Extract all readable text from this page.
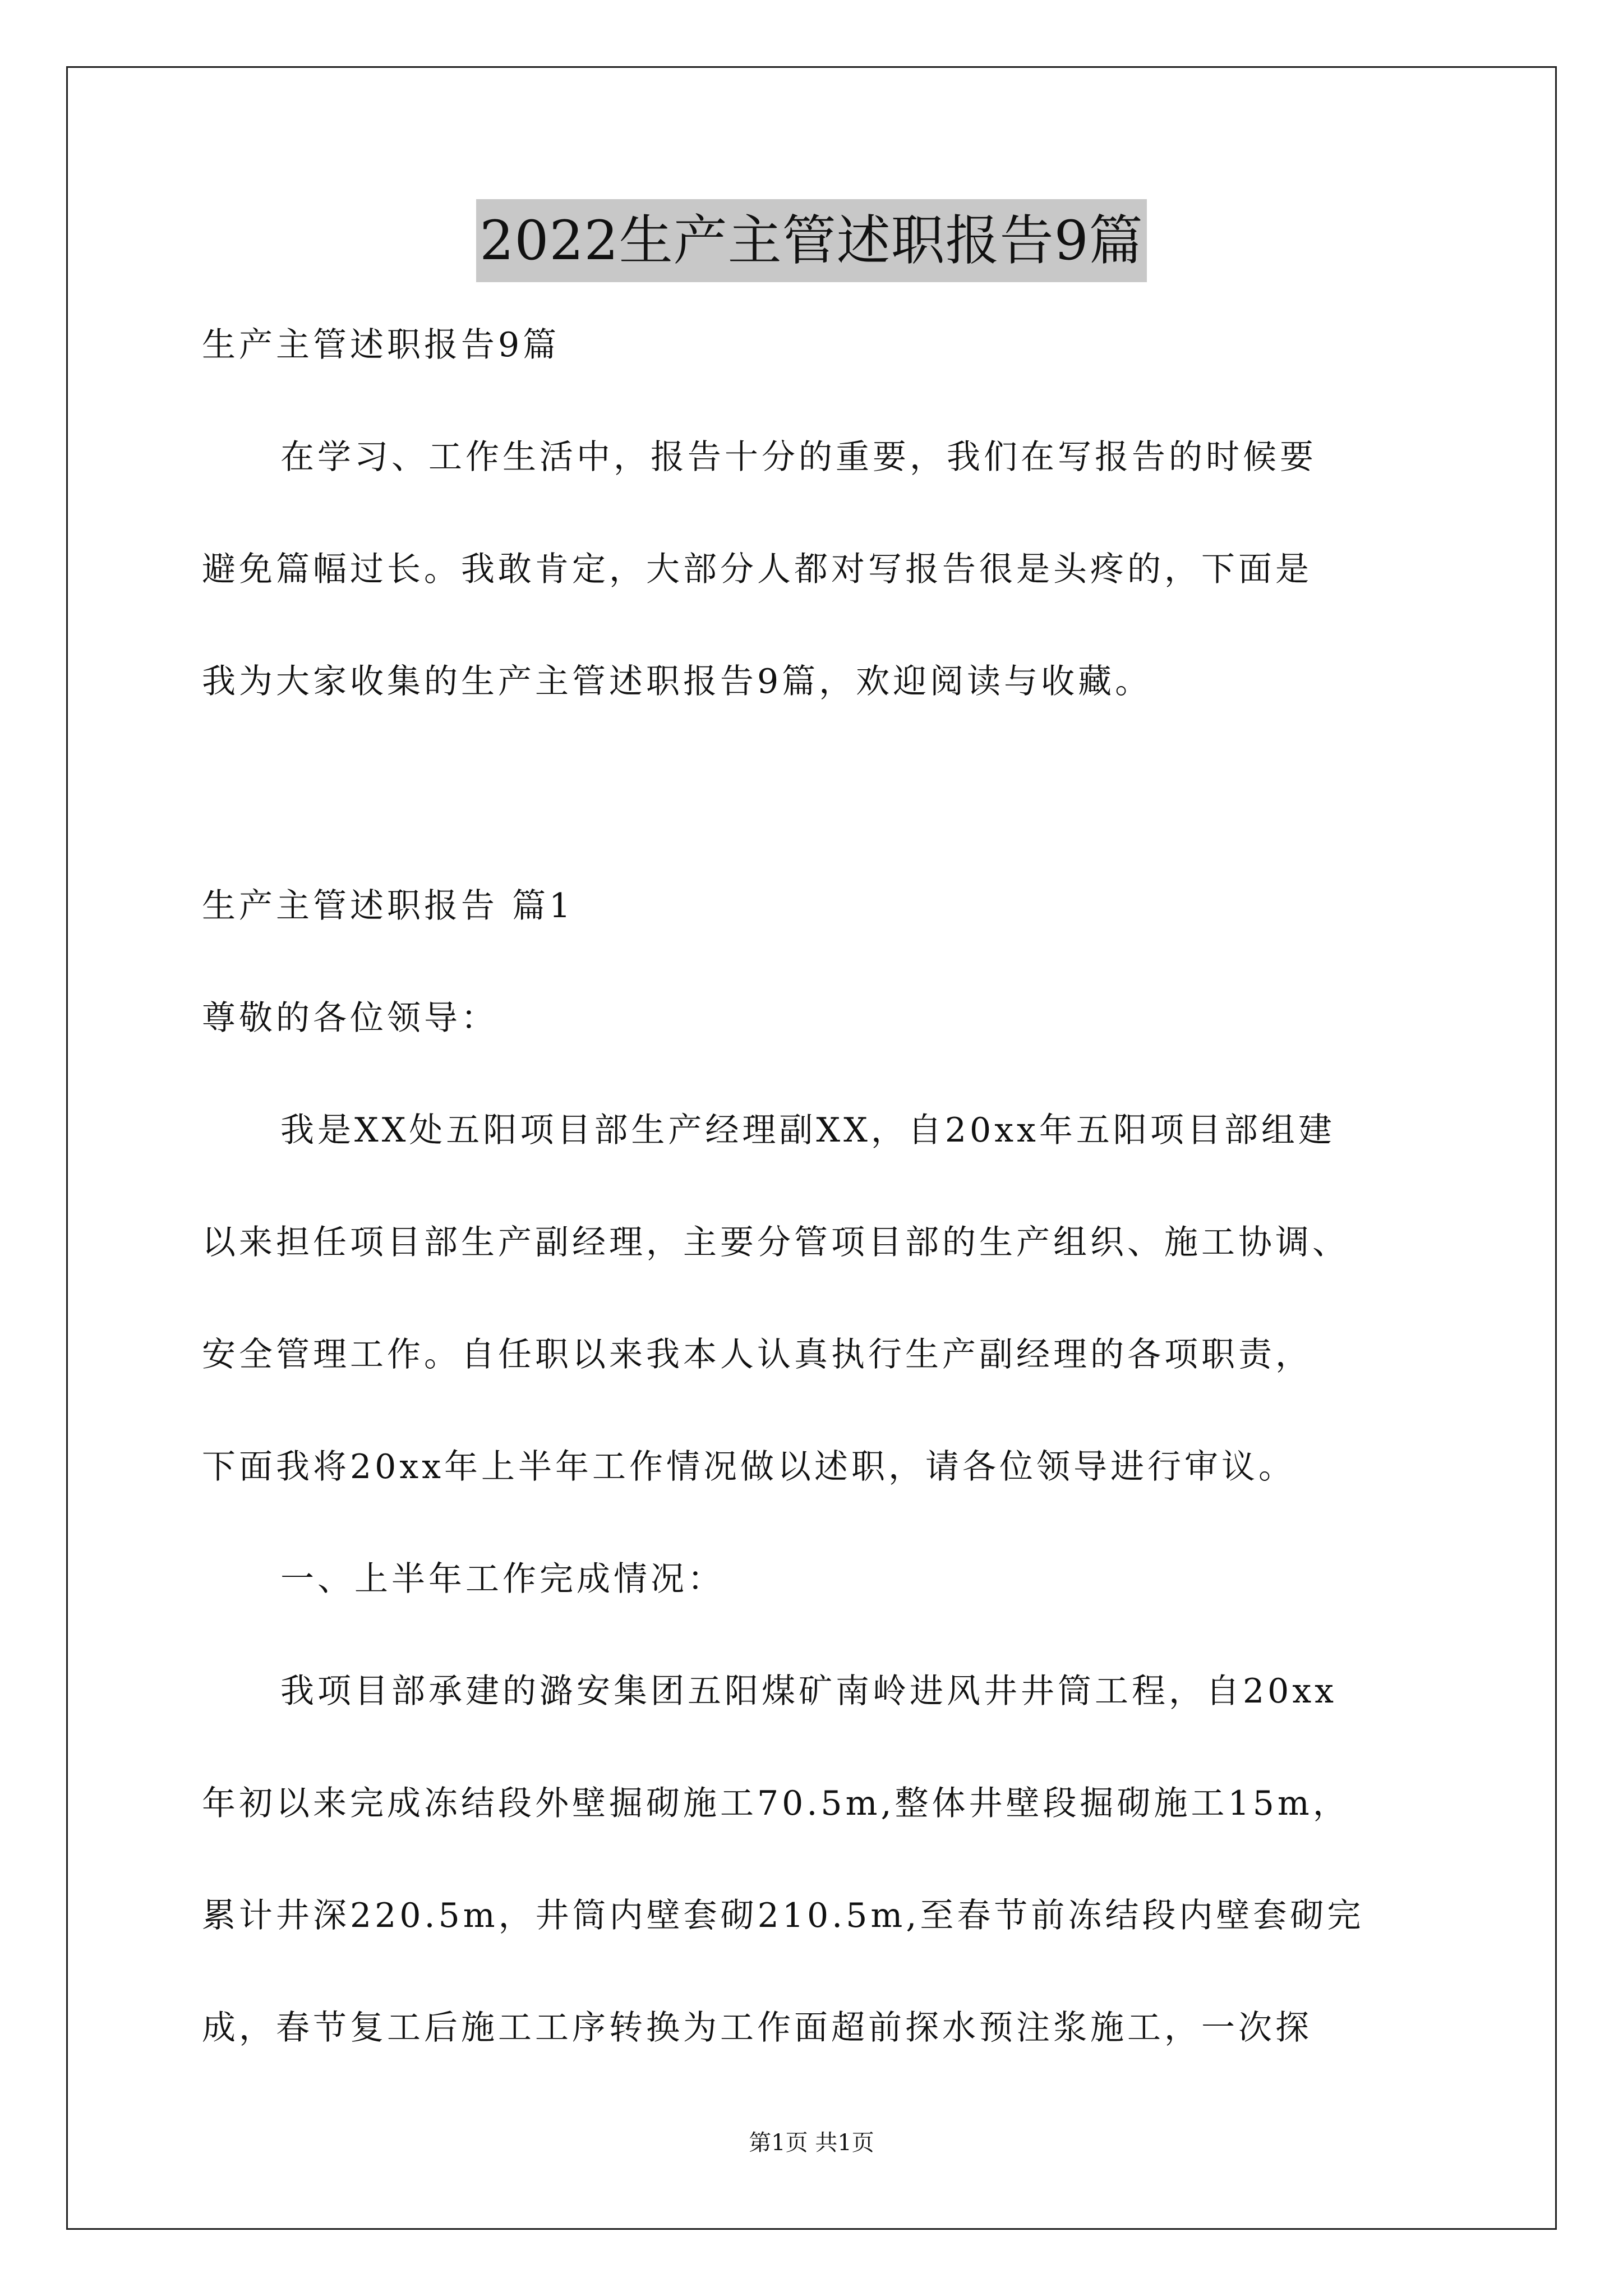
2022生产主管述职报告9篇
生产主管述职报告9篇
在学习、工作生活中，报告十分的重要，我们在写报告的时候要
避免篇幅过长。我敢肯定，大部分人都对写报告很是头疼的，下面是
我为大家收集的生产主管述职报告9篇，欢迎阅读与收藏。
生产主管述职报告 篇1
尊敬的各位领导：
我是XX处五阳项目部生产经理副XX，自20xx年五阳项目部组建
以来担任项目部生产副经理，主要分管项目部的生产组织、施工协调、
安全管理工作。自任职以来我本人认真执行生产副经理的各项职责，
下面我将20xx年上半年工作情况做以述职，请各位领导进行审议。
一、上半年工作完成情况：
我项目部承建的潞安集团五阳煤矿南岭进风井井筒工程，自20xx
年初以来完成冻结段外壁掘砌施工70.5m,整体井壁段掘砌施工15m，
累计井深220.5m，井筒内壁套砌210.5m,至春节前冻结段内壁套砌完
成，春节复工后施工工序转换为工作面超前探水预注浆施工，一次探
第1页 共1页
